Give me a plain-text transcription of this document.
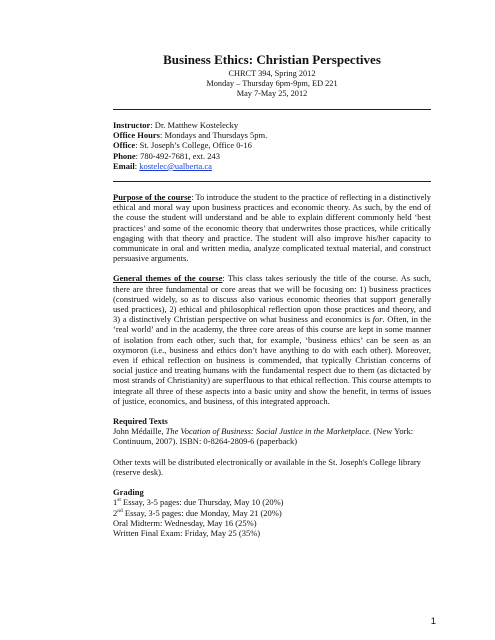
Business Ethics: Christian Perspectives

CHRCT 394, Spring 2012

Monday – Thursday 6pm-9pm, ED 221

May 7-May 25, 2012

Instructor: Dr. Matthew Kostelecky

Office Hours: Mondays and Thursdays 5pm.

Office: St. Joseph’s College, Office 0-16

Phone: 780-492-7681, ext. 243

Email: kostelec@ualberta.ca

Purpose of the course: To introduce the student to the practice of reflecting in a distinctively ethical and moral way upon business practices and economic theory. As such, by the end of the couse the student will understand and be able to explain different commonly held ‘best practices’ and some of the economic theory that underwrites those practices, while critically engaging with that theory and practice. The student will also improve his/her capacity to communicate in oral and written media, analyze complicated textual material, and construct persuasive arguments.

General themes of the course: This class takes seriously the title of the course. As such, there are three fundamental or core areas that we will be focusing on: 1) business practices (construed widely, so as to discuss also various economic theories that support generally used practices), 2) ethical and philosophical reflection upon those practices and theory, and 3) a distinctively Christian perspective on what business and economics is for. Often, in the ‘real world’ and in the academy, the three core areas of this course are kept in some manner of isolation from each other, such that, for example, ‘business ethics’ can be seen as an oxymoron (i.e., business and ethics don’t have anything to do with each other). Moreover, even if ethical reflection on business is commended, that typically Christian concerns of social justice and treating humans with the fundamental respect due to them (as dictacted by most strands of Christianity) are superfluous to that ethical reflection. This course attempts to integrate all three of these aspects into a basic unity and show the benefit, in terms of issues of justice, economics, and business, of this integrated approach.

Required Texts

John Médaille, The Vocation of Business: Social Justice in the Marketplace. (New York: Continuum, 2007). ISBN: 0-8264-2809-6 (paperback)

Other texts will be distributed electronically or available in the St. Joseph's College library (reserve desk).

Grading

1st Essay, 3-5 pages: due Thursday, May 10 (20%)

2nd Essay, 3-5 pages: due Monday, May 21 (20%)

Oral Midterm: Wednesday, May 16 (25%)

Written Final Exam: Friday, May 25 (35%)

1
